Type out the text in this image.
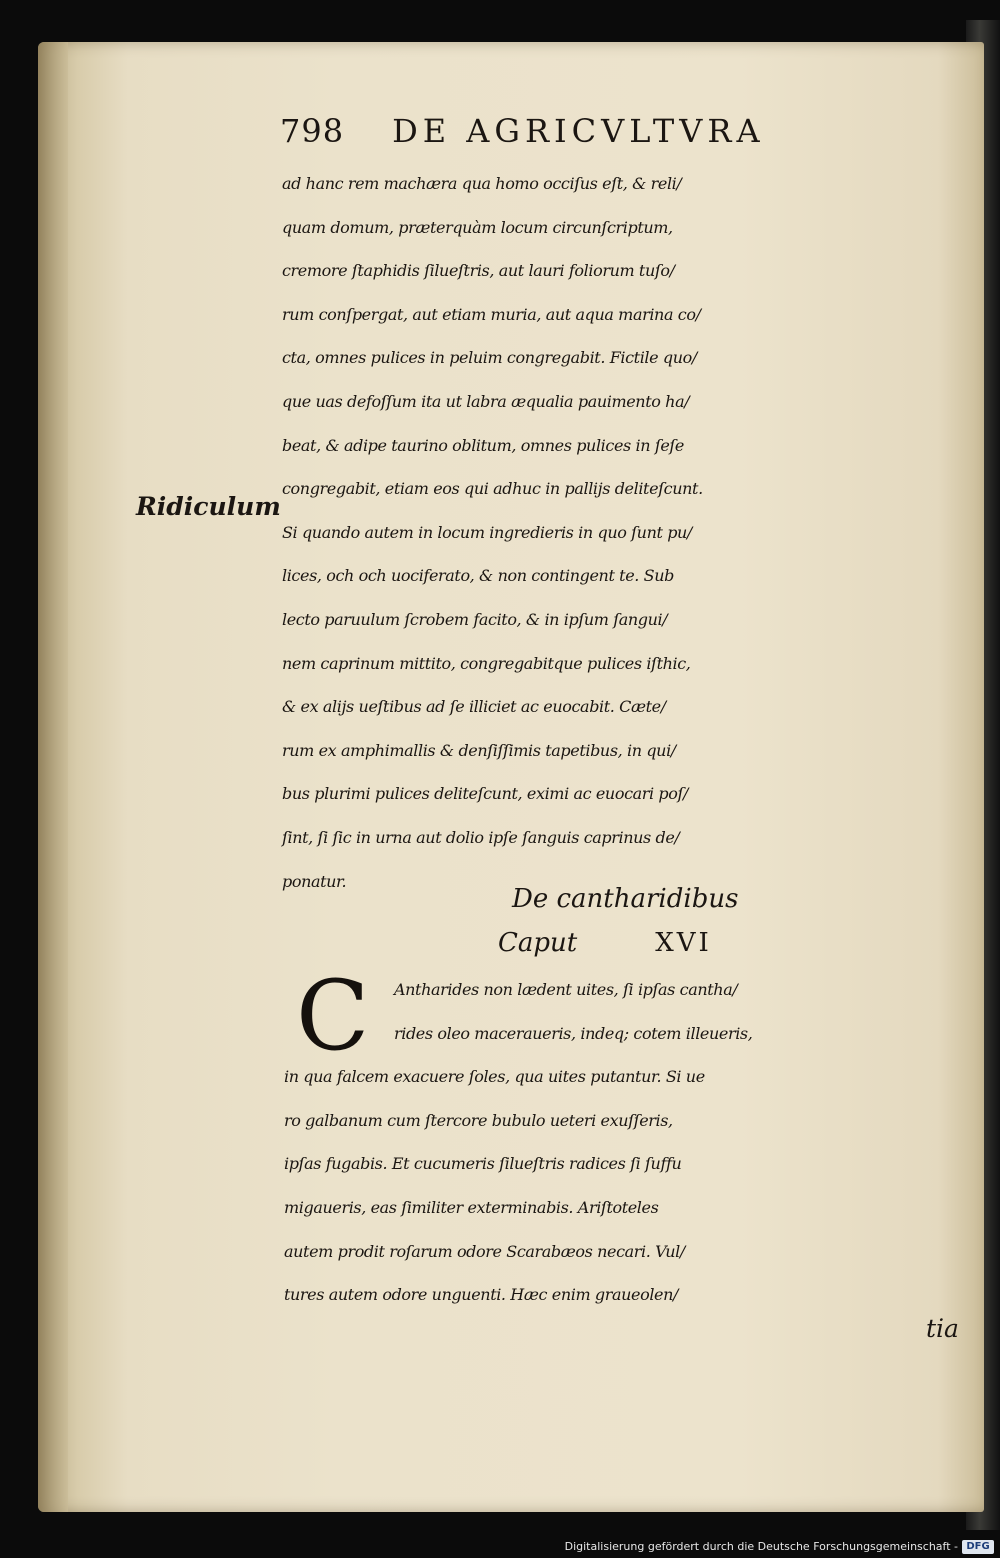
798 DE AGRICVLTVRA
Ridiculum
ad hanc rem machæra qua homo occiſus eſt, & reli/
quam domum, præterquàm locum circunſcriptum,
cremore ſtaphidis ſilueſtris, aut lauri foliorum tuſo/
rum conſpergat, aut etiam muria, aut aqua marina co/
cta, omnes pulices in peluim congregabit. Fictile quo/
que uas defoſſum ita ut labra æqualia pauimento ha/
beat, & adipe taurino oblitum, omnes pulices in ſeſe
congregabit, etiam eos qui adhuc in pallijs deliteſcunt.
Si quando autem in locum ingredieris in quo ſunt pu/
lices, och och uociferato, & non contingent te. Sub
lecto paruulum ſcrobem facito, & in ipſum ſangui/
nem caprinum mittito, congregabitque pulices iſthic,
& ex alijs ueſtibus ad ſe illiciet ac euocabit. Cæte/
rum ex amphimallis & denſiſſimis tapetibus, in qui/
bus plurimi pulices deliteſcunt, eximi ac euocari poſ/
ſint, ſi ſic in urna aut dolio ipſe ſanguis caprinus de/
ponatur.
De cantharidibus
Caput	XVI
C	Antharides non lædent uites, ſi ipſas cantha/
rides oleo maceraueris, indeq; cotem illeueris,
in qua falcem exacuere ſoles, qua uites putantur. Si ue
ro galbanum cum ſtercore bubulo ueteri exuſſeris,
ipſas fugabis. Et cucumeris ſilueſtris radices ſi ſuffu
migaueris, eas ſimiliter exterminabis. Ariſtoteles
autem prodit roſarum odore Scarabæos necari. Vul/
tures autem odore unguenti. Hæc enim graueolen/
tia
Digitalisierung gefördert durch die Deutsche Forschungsgemeinschaft - DFG
